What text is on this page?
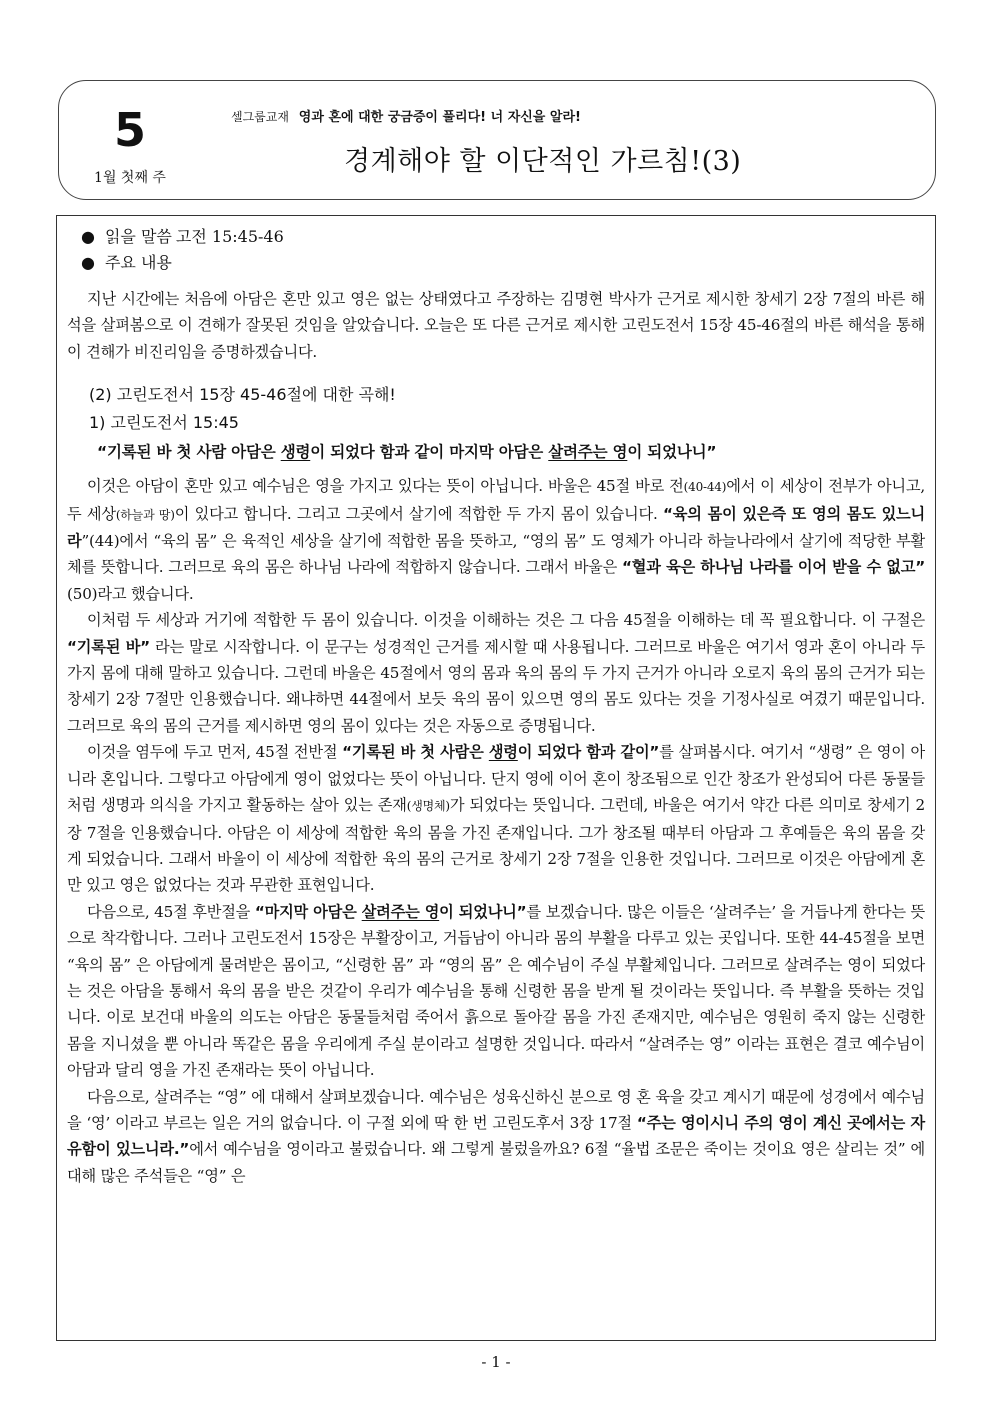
5
1월 첫째 주
셀그룹교재 영과 혼에 대한 궁금증이 풀리다! 너 자신을 알라!
경계해야 할 이단적인 가르침!(3)
● 읽을 말씀 고전 15:45-46
● 주요 내용

지난 시간에는 처음에 아담은 혼만 있고 영은 없는 상태였다고 주장하는 김명현 박사가 근거로 제시한 창세기 2장 7절의 바른 해석을 살펴봄으로 이 견해가 잘못된 것임을 알았습니다. 오늘은 또 다른 근거로 제시한 고린도전서 15장 45-46절의 바른 해석을 통해 이 견해가 비진리임을 증명하겠습니다.

(2) 고린도전서 15장 45-46절에 대한 곡해!
1) 고린도전서 15:45
“기록된 바 첫 사람 아담은 생령이 되었다 함과 같이 마지막 아담은 살려주는 영이 되었나니”

이것은 아담이 혼만 있고 예수님은 영을 가지고 있다는 뜻이 아닙니다. 바울은 45절 바로 전(40-44)에서 이 세상이 전부가 아니고, 두 세상(하늘과 땅)이 있다고 합니다. 그리고 그곳에서 살기에 적합한 두 가지 몸이 있습니다. “육의 몸이 있은즉 또 영의 몸도 있느니라”(44)에서 “육의 몸” 은 육적인 세상을 살기에 적합한 몸을 뜻하고, “영의 몸” 도 영체가 아니라 하늘나라에서 살기에 적당한 부활체를 뜻합니다. 그러므로 육의 몸은 하나님 나라에 적합하지 않습니다. 그래서 바울은 “혈과 육은 하나님 나라를 이어 받을 수 없고” (50)라고 했습니다.

이처럼 두 세상과 거기에 적합한 두 몸이 있습니다. 이것을 이해하는 것은 그 다음 45절을 이해하는 데 꼭 필요합니다. 이 구절은 “기록된 바” 라는 말로 시작합니다. 이 문구는 성경적인 근거를 제시할 때 사용됩니다. 그러므로 바울은 여기서 영과 혼이 아니라 두 가지 몸에 대해 말하고 있습니다. 그런데 바울은 45절에서 영의 몸과 육의 몸의 두 가지 근거가 아니라 오로지 육의 몸의 근거가 되는 창세기 2장 7절만 인용했습니다. 왜냐하면 44절에서 보듯 육의 몸이 있으면 영의 몸도 있다는 것을 기정사실로 여겼기 때문입니다. 그러므로 육의 몸의 근거를 제시하면 영의 몸이 있다는 것은 자동으로 증명됩니다.

이것을 염두에 두고 먼저, 45절 전반절 “기록된 바 첫 사람은 생령이 되었다 함과 같이”를 살펴봅시다. 여기서 “생령” 은 영이 아니라 혼입니다. 그렇다고 아담에게 영이 없었다는 뜻이 아닙니다. 단지 영에 이어 혼이 창조됨으로 인간 창조가 완성되어 다른 동물들처럼 생명과 의식을 가지고 활동하는 살아 있는 존재(생명체)가 되었다는 뜻입니다. 그런데, 바울은 여기서 약간 다른 의미로 창세기 2장 7절을 인용했습니다. 아담은 이 세상에 적합한 육의 몸을 가진 존재입니다. 그가 창조될 때부터 아담과 그 후예들은 육의 몸을 갖게 되었습니다. 그래서 바울이 이 세상에 적합한 육의 몸의 근거로 창세기 2장 7절을 인용한 것입니다. 그러므로 이것은 아담에게 혼만 있고 영은 없었다는 것과 무관한 표현입니다.

다음으로, 45절 후반절을 “마지막 아담은 살려주는 영이 되었나니”를 보겠습니다. 많은 이들은 ‘살려주는’ 을 거듭나게 한다는 뜻으로 착각합니다. 그러나 고린도전서 15장은 부활장이고, 거듭남이 아니라 몸의 부활을 다루고 있는 곳입니다. 또한 44-45절을 보면 “육의 몸” 은 아담에게 물려받은 몸이고, “신령한 몸” 과 “영의 몸” 은 예수님이 주실 부활체입니다. 그러므로 살려주는 영이 되었다는 것은 아담을 통해서 육의 몸을 받은 것같이 우리가 예수님을 통해 신령한 몸을 받게 될 것이라는 뜻입니다. 즉 부활을 뜻하는 것입니다. 이로 보건대 바울의 의도는 아담은 동물들처럼 죽어서 흙으로 돌아갈 몸을 가진 존재지만, 예수님은 영원히 죽지 않는 신령한 몸을 지니셨을 뿐 아니라 똑같은 몸을 우리에게 주실 분이라고 설명한 것입니다. 따라서 “살려주는 영” 이라는 표현은 결코 예수님이 아담과 달리 영을 가진 존재라는 뜻이 아닙니다.

다음으로, 살려주는 “영” 에 대해서 살펴보겠습니다. 예수님은 성육신하신 분으로 영 혼 육을 갖고 계시기 때문에 성경에서 예수님을 ‘영’ 이라고 부르는 일은 거의 없습니다. 이 구절 외에 딱 한 번 고린도후서 3장 17절 “주는 영이시니 주의 영이 계신 곳에서는 자유함이 있느니라.”에서 예수님을 영이라고 불렀습니다. 왜 그렇게 불렀을까요? 6절 “율법 조문은 죽이는 것이요 영은 살리는 것” 에 대해 많은 주석들은 “영” 은

- 1 -
